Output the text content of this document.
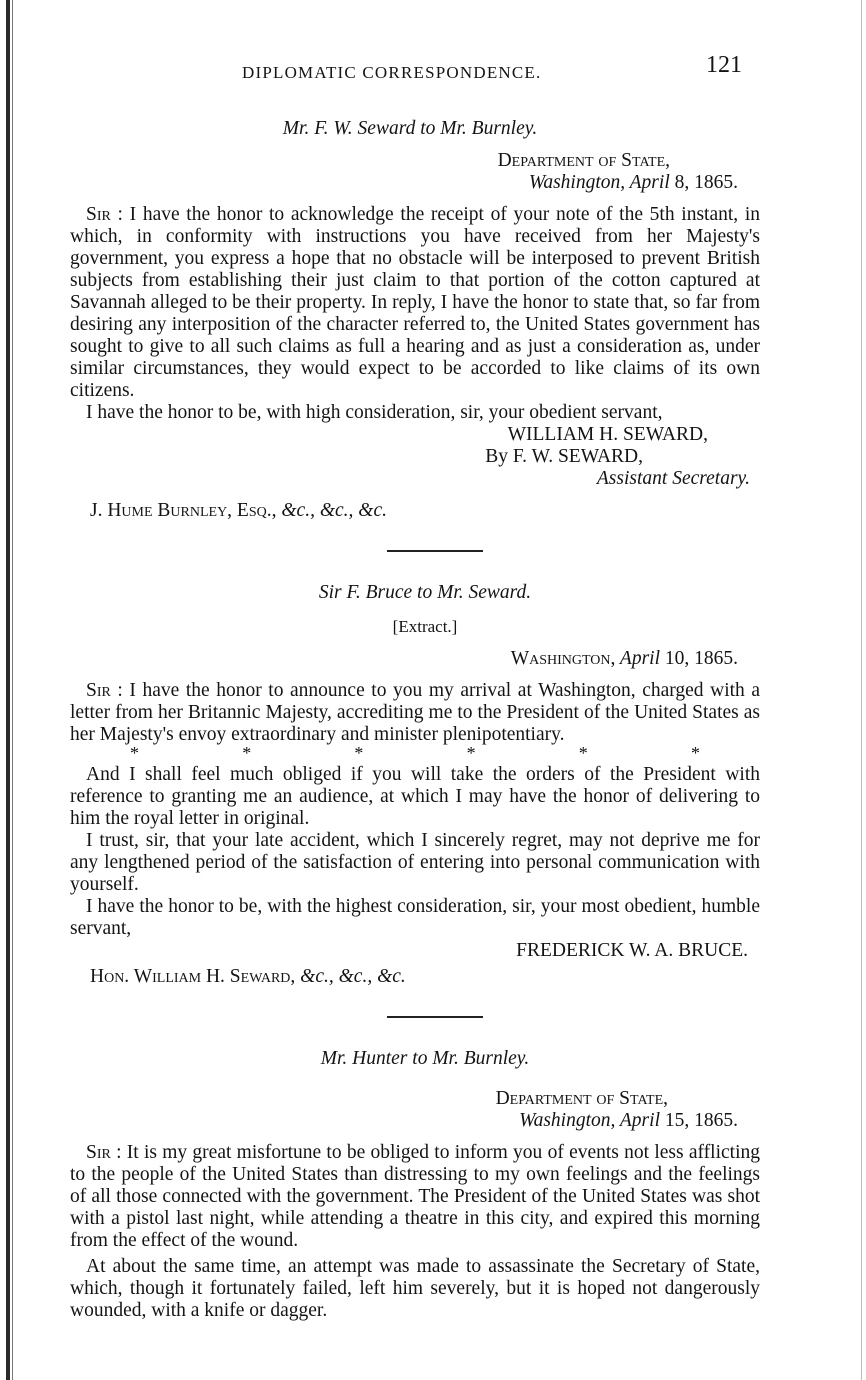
DIPLOMATIC CORRESPONDENCE.	121
Mr. F. W. Seward to Mr. Burnley.
Department of State,
Washington, April 8, 1865.

Sir : I have the honor to acknowledge the receipt of your note of the 5th instant, in which, in conformity with instructions you have received from her Majesty's government, you express a hope that no obstacle will be interposed to prevent British subjects from establishing their just claim to that portion of the cotton captured at Savannah alleged to be their property. In reply, I have the honor to state that, so far from desiring any interposition of the character referred to, the United States government has sought to give to all such claims as full a hearing and as just a consideration as, under similar circumstances, they would expect to be accorded to like claims of its own citizens.

I have the honor to be, with high consideration, sir, your obedient servant,

WILLIAM H. SEWARD,
By F. W. SEWARD,
Assistant Secretary.
J. Hume Burnley, Esq., &c., &c., &c.
Sir F. Bruce to Mr. Seward.
[Extract.]
Washington, April 10, 1865.

Sir : I have the honor to announce to you my arrival at Washington, charged with a letter from her Britannic Majesty, accrediting me to the President of the United States as her Majesty's envoy extraordinary and minister plenipotentiary.

*	*	*	*	*	*

And I shall feel much obliged if you will take the orders of the President with reference to granting me an audience, at which I may have the honor of delivering to him the royal letter in original.

I trust, sir, that your late accident, which I sincerely regret, may not deprive me for any lengthened period of the satisfaction of entering into personal communication with yourself.

I have the honor to be, with the highest consideration, sir, your most obedient, humble servant,

FREDERICK W. A. BRUCE.
Hon. William H. Seward, &c., &c., &c.
Mr. Hunter to Mr. Burnley.
Department of State,
Washington, April 15, 1865.

Sir : It is my great misfortune to be obliged to inform you of events not less afflicting to the people of the United States than distressing to my own feelings and the feelings of all those connected with the government. The President of the United States was shot with a pistol last night, while attending a theatre in this city, and expired this morning from the effect of the wound.

At about the same time, an attempt was made to assassinate the Secretary of State, which, though it fortunately failed, left him severely, but it is hoped not dangerously wounded, with a knife or dagger.
